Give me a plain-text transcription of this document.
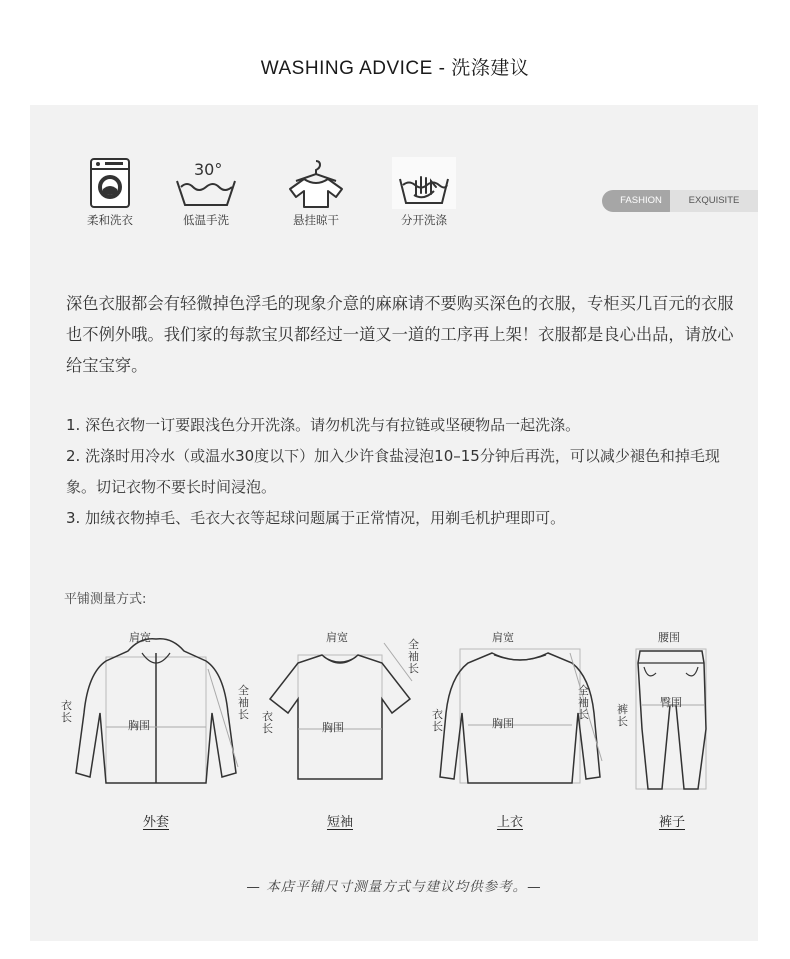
WASHING ADVICE - 洗涤建议
柔和洗衣
30°
低温手洗	悬挂晾干	分开洗涤
FASHION	EXQUISITE
深色衣服都会有轻微掉色浮毛的现象介意的麻麻请不要购买深色的衣服，专柜买几百元的衣服也不例外哦。我们家的每款宝贝都经过一道又一道的工序再上架！衣服都是良心出品，请放心给宝宝穿。
1. 深色衣物一订要跟浅色分开洗涤。请勿机洗与有拉链或坚硬物品一起洗涤。
2. 洗涤时用冷水（或温水30度以下）加入少许食盐浸泡10–15分钟后再洗，可以减少褪色和掉毛现象。切记衣物不要长时间浸泡。
3. 加绒衣物掉毛、毛衣大衣等起球问题属于正常情况，用剃毛机护理即可。
平铺测量方式:
肩宽
衣长
全袖长
胸围
外套
肩宽
衣长
全袖长
胸围
短袖
肩宽
衣长
全袖长
胸围
上衣
腰围
裤长
臀围
裤子
— 本店平铺尺寸测量方式与建议均供参考。—
